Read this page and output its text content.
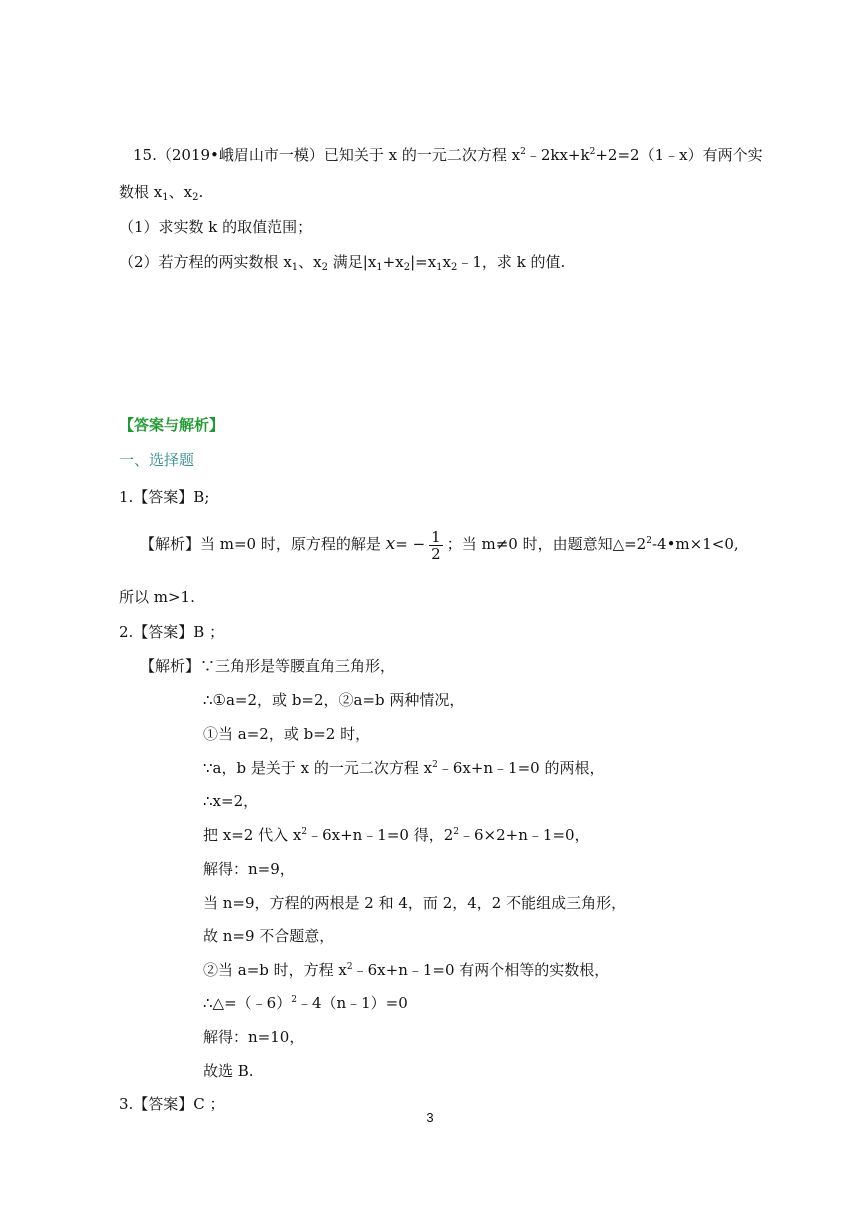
15.（2019•峨眉山市一模）已知关于 x 的一元二次方程 $x^2﹣2kx+k^2+2=2(1﹣x)$有两个实
数根 $x_1$、$x_2$.
（1）求实数 k 的取值范围；
（2）若方程的两实数根 $x_1$、$x_2$ 满足$|x_1+x_2|=x_1x_2﹣1$，求 k 的值.
【答案与解析】
一、选择题
1.【答案】B;
【解析】当 m=0 时，原方程的解是 $x= - \frac{1}{2}$ ；当 m≠0 时，由题意知$\triangle=2^2-4•m\times 1<0$,
所以 m>1.
2.【答案】B ；
【解析】∵三角形是等腰直角三角形，
∴①a=2，或 b=2，②a=b 两种情况，
①当 a=2，或 b=2 时，
∵a，b 是关于 x 的一元二次方程 $x^2﹣6x+n﹣1=0$ 的两根，
∴x=2，
把 x=2 代入 $x^2﹣6x+n﹣1=0$ 得，$2^2﹣6\times 2+n﹣1=0$，
解得：n=9，
当 n=9，方程的两根是 2 和 4，而 2，4，2 不能组成三角形，
故 n=9 不合题意，
②当 a=b 时，方程 $x^2﹣6x+n﹣1=0$ 有两个相等的实数根，
∴△=（﹣6）$^2$﹣4（n﹣1）=0
解得：n=10，
故选 B.
3.【答案】C ；
3
